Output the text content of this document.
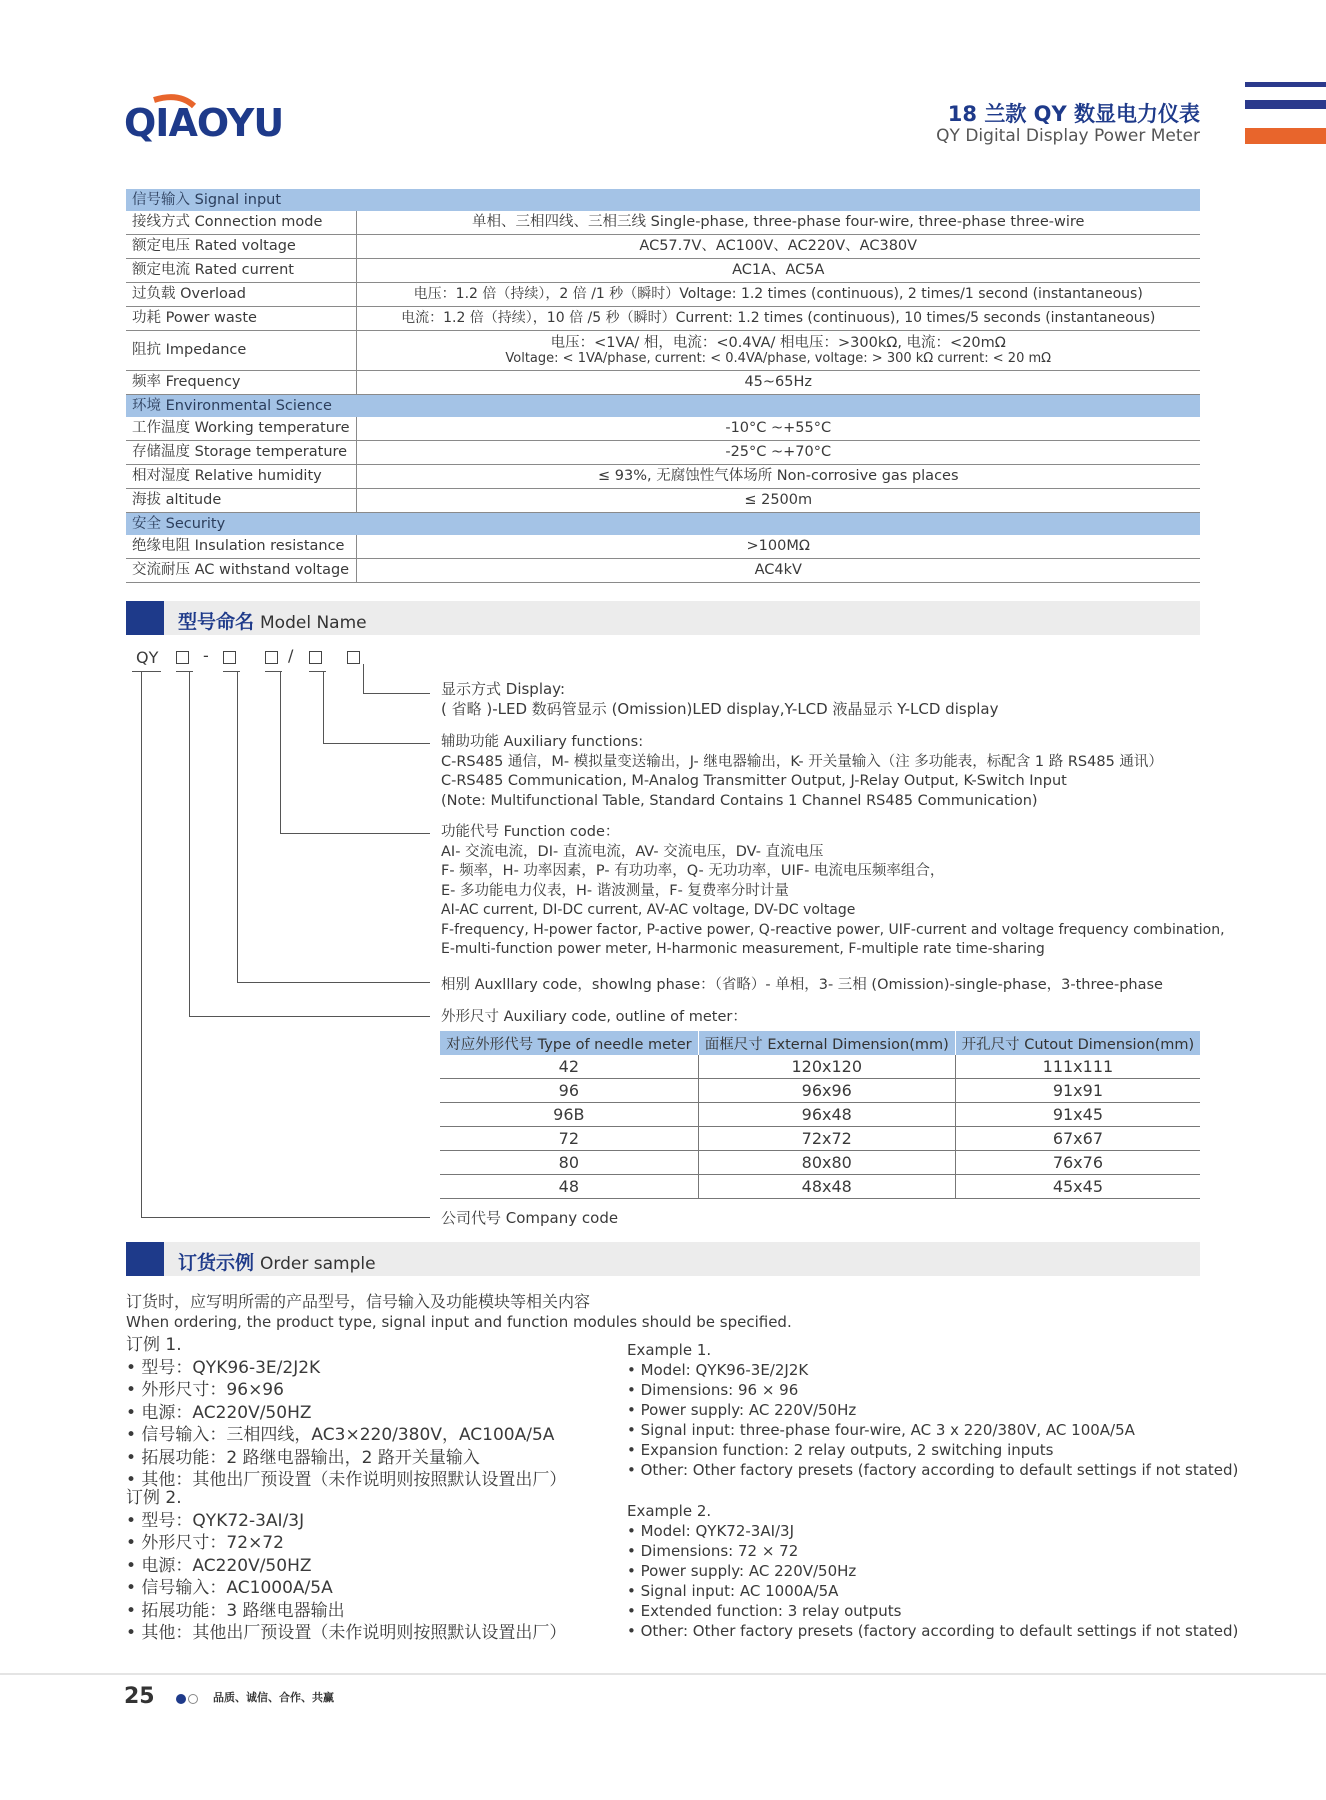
QIAOYU	18 兰款 QY 数显电力仪表
QY Digital Display Power Meter
信号输入 Signal input	
接线方式 Connection mode	单相、三相四线、三相三线 Single-phase, three-phase four-wire, three-phase three-wire
额定电压 Rated voltage	AC57.7V、AC100V、AC220V、AC380V
额定电流 Rated current	AC1A、AC5A
过负载 Overload	电压：1.2 倍（持续），2 倍 /1 秒（瞬时）Voltage: 1.2 times (continuous), 2 times/1 second (instantaneous)
功耗 Power waste	电流：1.2 倍（持续），10 倍 /5 秒（瞬时）Current: 1.2 times (continuous), 10 times/5 seconds (instantaneous)
阻抗 Impedance	电压：<1VA/ 相，电流：<0.4VA/ 相电压：>300kΩ, 电流：<20mΩ
Voltage: < 1VA/phase, current: < 0.4VA/phase, voltage: > 300 kΩ current: < 20 mΩ

频率 Frequency	45~65Hz
环境 Environmental Science	
工作温度 Working temperature	-10°C ~+55°C
存储温度 Storage temperature	-25°C ~+70°C
相对湿度 Relative humidity	≤ 93%, 无腐蚀性气体场所 Non-corrosive gas places
海拔 altitude	≤ 2500m
安全 Security	
绝缘电阻 Insulation resistance	>100MΩ
交流耐压 AC withstand voltage	AC4kV
型号命名 Model Name
QY	-	/
显示方式 Display:
( 省略 )-LED 数码管显示 (Omission)LED display,Y-LCD 液晶显示 Y-LCD display
辅助功能 Auxiliary functions:
C-RS485 通信，M- 模拟量变送输出，J- 继电器输出，K- 开关量输入（注 多功能表，标配含 1 路 RS485 通讯）
C-RS485 Communication, M-Analog Transmitter Output, J-Relay Output, K-Switch Input
(Note: Multifunctional Table, Standard Contains 1 Channel RS485 Communication)
功能代号 Function code：
AI- 交流电流，DI- 直流电流，AV- 交流电压，DV- 直流电压
F- 频率，H- 功率因素，P- 有功功率，Q- 无功功率，UIF- 电流电压频率组合，
E- 多功能电力仪表，H- 谐波测量，F- 复费率分时计量
AI-AC current, DI-DC current, AV-AC voltage, DV-DC voltage
F-frequency, H-power factor, P-active power, Q-reactive power, UIF-current and voltage frequency combination,
E-multi-function power meter, H-harmonic measurement, F-multiple rate time-sharing
相别 Auxlllary code，showlng phase：（省略）- 单相，3- 三相 (Omission)-single-phase，3-three-phase
外形尺寸 Auxiliary code, outline of meter：
对应外形代号 Type of needle meter	面框尺寸 External Dimension(mm)	开孔尺寸 Cutout Dimension(mm)
42	120x120	111x111
96	96x96	91x91
96B	96x48	91x45
72	72x72	67x67
80	80x80	76x76
48	48x48	45x45
公司代号 Company code
订货示例 Order sample
订货时，应写明所需的产品型号，信号输入及功能模块等相关内容
When ordering, the product type, signal input and function modules should be specified.
订例 1.
• 型号：QYK96-3E/2J2K
• 外形尺寸：96×96
• 电源：AC220V/50HZ
• 信号输入：三相四线，AC3×220/380V，AC100A/5A
• 拓展功能：2 路继电器输出，2 路开关量输入
• 其他：其他出厂预设置（未作说明则按照默认设置出厂）
Example 1.
• Model: QYK96-3E/2J2K
• Dimensions: 96 × 96
• Power supply: AC 220V/50Hz
• Signal input: three-phase four-wire, AC 3 x 220/380V, AC 100A/5A
• Expansion function: 2 relay outputs, 2 switching inputs
• Other: Other factory presets (factory according to default settings if not stated)
订例 2.
• 型号：QYK72-3AI/3J
• 外形尺寸：72×72
• 电源：AC220V/50HZ
• 信号输入：AC1000A/5A
• 拓展功能：3 路继电器输出
• 其他：其他出厂预设置（未作说明则按照默认设置出厂）
Example 2.
• Model: QYK72-3AI/3J
• Dimensions: 72 × 72
• Power supply: AC 220V/50Hz
• Signal input: AC 1000A/5A
• Extended function: 3 relay outputs
• Other: Other factory presets (factory according to default settings if not stated)
25	品质、诚信、合作、共赢
